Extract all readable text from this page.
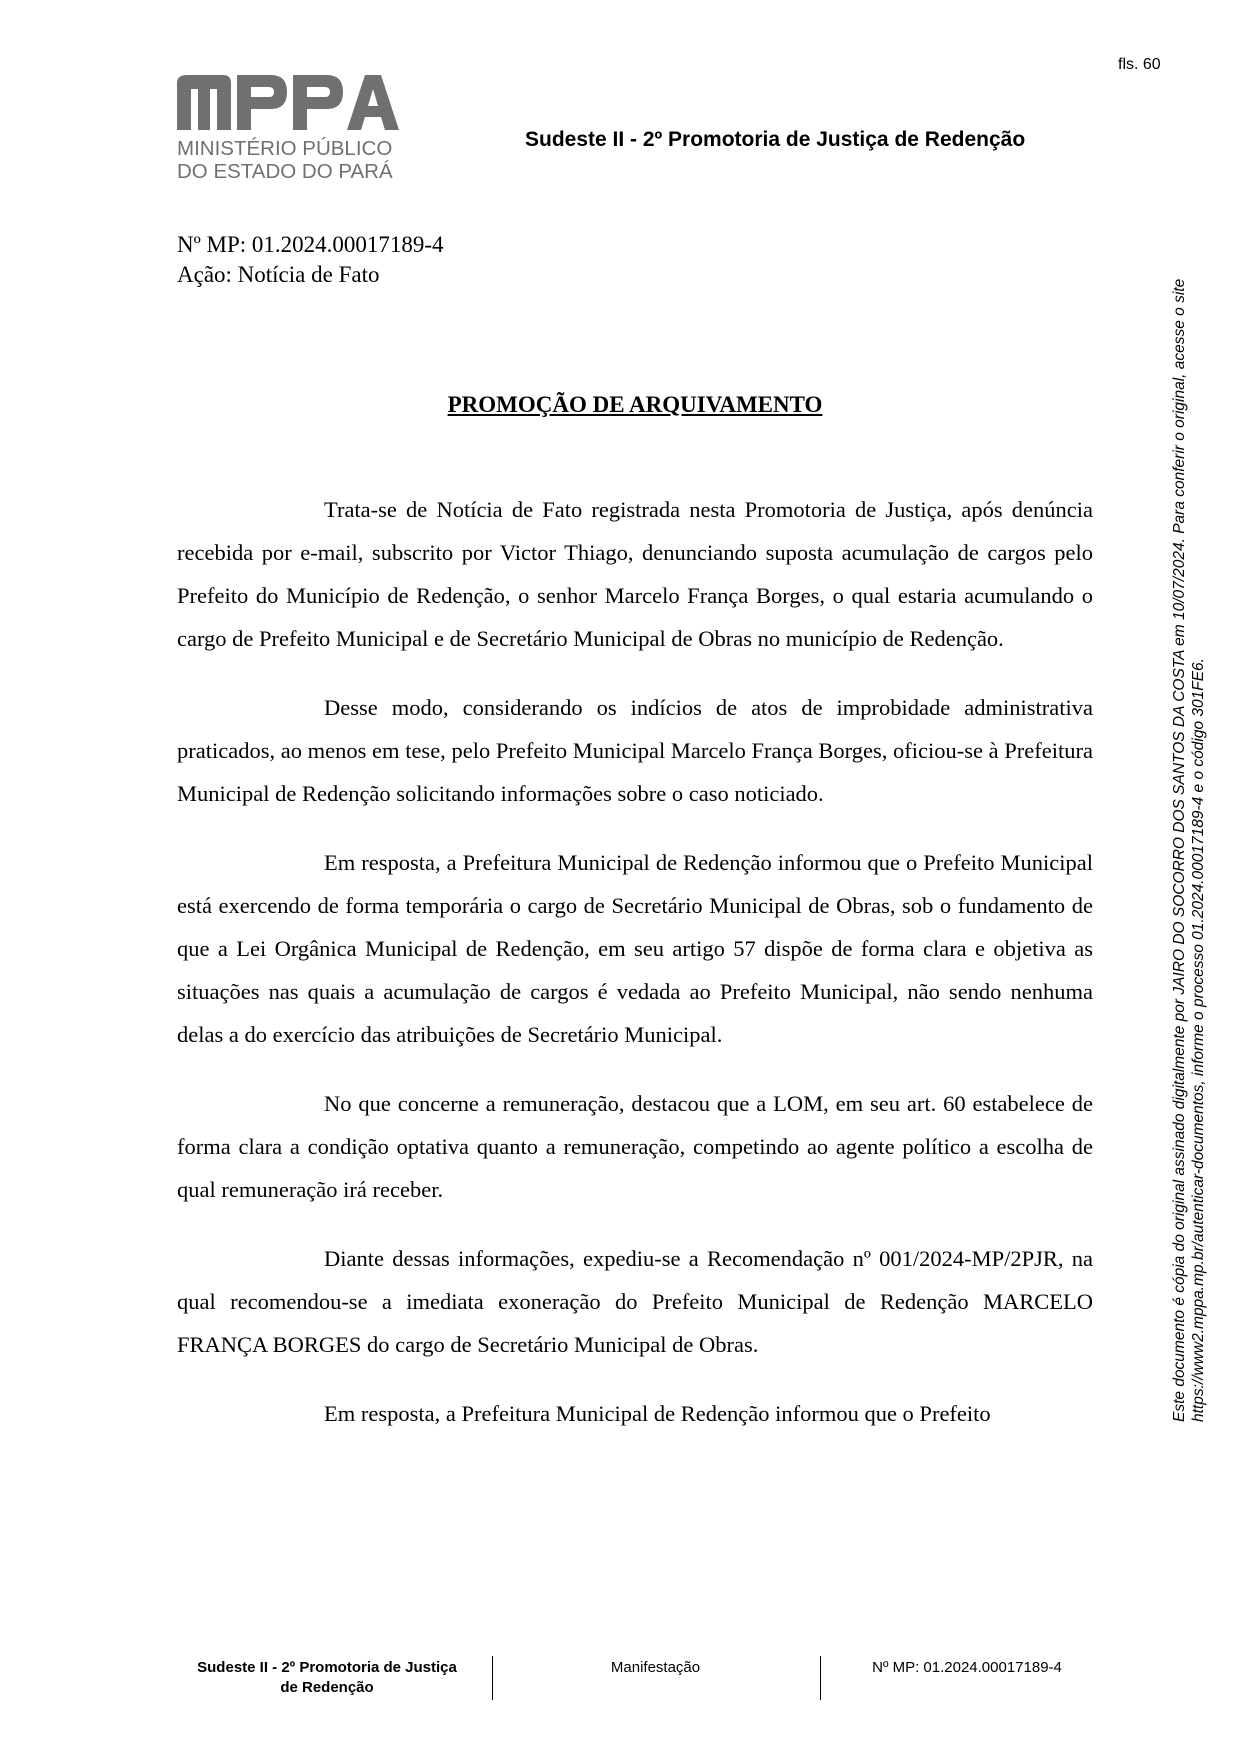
fls. 60
MINISTÉRIO PÚBLICO
DO ESTADO DO PARÁ
Sudeste II - 2º Promotoria de Justiça de Redenção
Nº MP: 01.2024.00017189-4
Ação: Notícia de Fato
PROMOÇÃO DE ARQUIVAMENTO

Trata-se de Notícia de Fato registrada nesta Promotoria de Justiça, após denúncia recebida por e-mail, subscrito por Victor Thiago, denunciando suposta acumulação de cargos pelo Prefeito do Município de Redenção, o senhor Marcelo França Borges, o qual estaria acumulando o cargo de Prefeito Municipal e de Secretário Municipal de Obras no município de Redenção.

Desse modo, considerando os indícios de atos de improbidade administrativa praticados, ao menos em tese, pelo Prefeito Municipal Marcelo França Borges, oficiou-se à Prefeitura Municipal de Redenção solicitando informações sobre o caso noticiado.

Em resposta, a Prefeitura Municipal de Redenção informou que o Prefeito Municipal está exercendo de forma temporária o cargo de Secretário Municipal de Obras, sob o fundamento de que a Lei Orgânica Municipal de Redenção, em seu artigo 57 dispõe de forma clara e objetiva as situações nas quais a acumulação de cargos é vedada ao Prefeito Municipal, não sendo nenhuma delas a do exercício das atribuições de Secretário Municipal.

No que concerne a remuneração, destacou que a LOM, em seu art. 60 estabelece de forma clara a condição optativa quanto a remuneração, competindo ao agente político a escolha de qual remuneração irá receber.

Diante dessas informações, expediu-se a Recomendação nº 001/2024-MP/2PJR, na qual recomendou-se a imediata exoneração do Prefeito Municipal de Redenção MARCELO FRANÇA BORGES do cargo de Secretário Municipal de Obras.

Em resposta, a Prefeitura Municipal de Redenção informou que o Prefeito	Este documento é cópia do original assinado digitalmente por JAIRO DO SOCORRO DOS SANTOS DA COSTA em 10/07/2024. Para conferir o original, acesse o site https://www2.mppa.mp.br/autenticar-documentos, informe o processo 01.2024.00017189-4 e o código 301FE6.
Sudeste II - 2º Promotoria de Justiça
de Redenção
Manifestação	Nº MP: 01.2024.00017189-4
